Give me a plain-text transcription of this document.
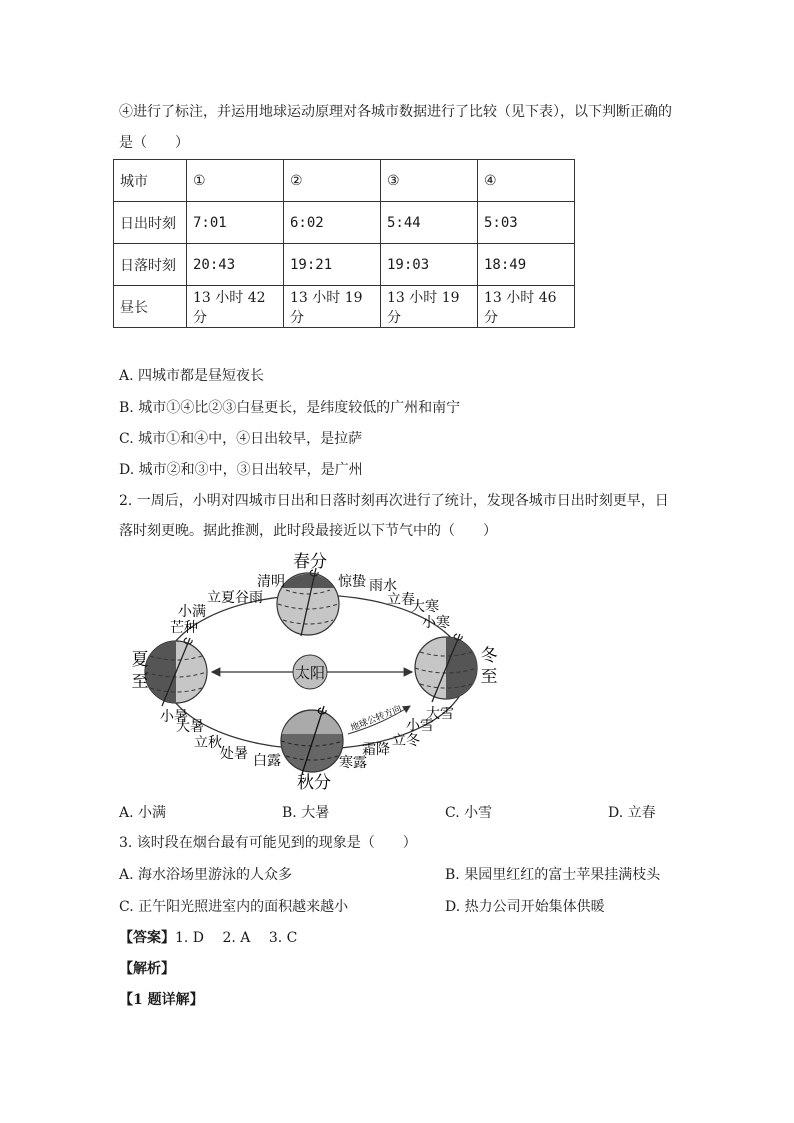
④进行了标注，并运用地球运动原理对各城市数据进行了比较（见下表），以下判断正确的
是（　　）
城市	①	②	③	④
日出时刻	7:01	6:02	5:44	5:03
日落时刻	20:43	19:21	19:03	18:49
昼长	13 小时 42 分	13 小时 19 分	13 小时 19 分	13 小时 46 分
A. 四城市都是昼短夜长
B. 城市①④比②③白昼更长，是纬度较低的广州和南宁
C. 城市①和④中，④日出较早，是拉萨
D. 城市②和③中，③日出较早，是广州
2. 一周后，小明对四城市日出和日落时刻再次进行了统计，发现各城市日出时刻更早，日
落时刻更晚。据此推测，此时段最接近以下节气中的（　　）
太阳
春分
夏
至
秋分
冬
至
清明	惊蛰 雨水
立春
大寒
小寒
立夏谷雨
小满
芒种
小暑
大暑
立秋
处暑 白露	寒露
霜降
立冬
小雪
大雪
地球公转方向
A. 小满	B. 大暑	C. 小雪	D. 立春
3. 该时段在烟台最有可能见到的现象是（　　）
A. 海水浴场里游泳的人众多	B. 果园里红红的富士苹果挂满枝头
C. 正午阳光照进室内的面积越来越小	D. 热力公司开始集体供暖
【答案】1. D　 2. A　 3. C
【解析】
【1 题详解】
